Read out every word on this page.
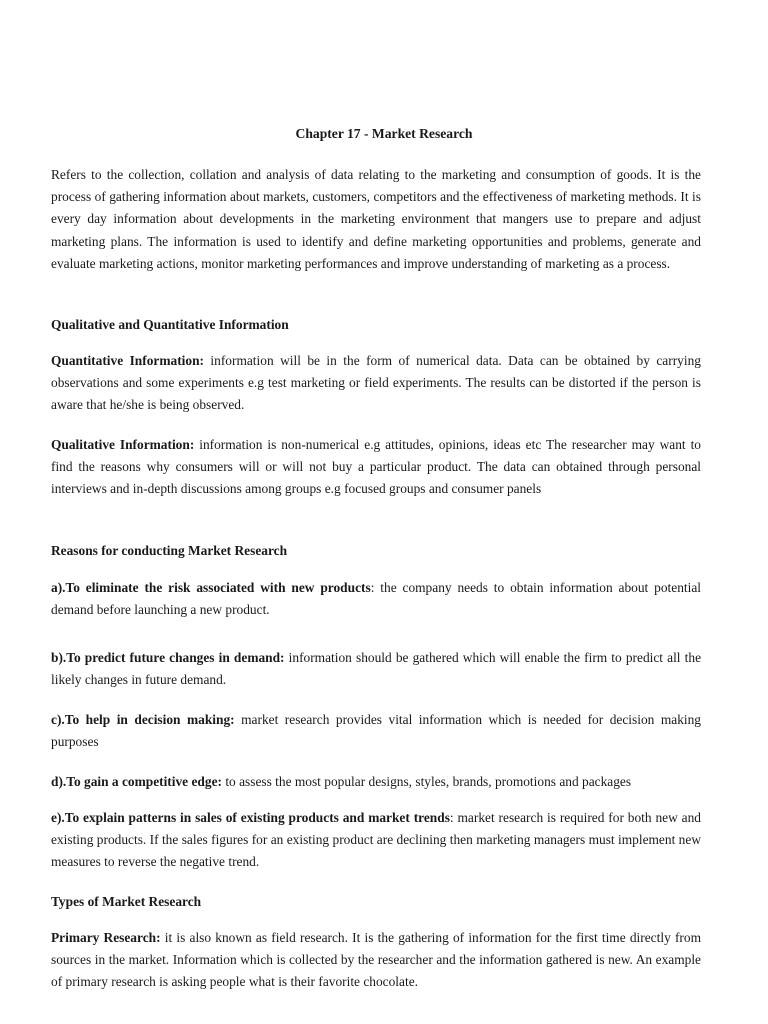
Chapter 17 - Market Research

Refers to the collection, collation and analysis of data relating to the marketing and consumption of goods. It is the process of gathering information about markets, customers, competitors and the effectiveness of marketing methods. It is every day information about developments in the marketing environment that mangers use to prepare and adjust marketing plans. The information is used to identify and define marketing opportunities and problems, generate and evaluate marketing actions, monitor marketing performances and improve understanding of marketing as a process.

Qualitative and Quantitative Information

Quantitative Information: information will be in the form of numerical data. Data can be obtained by carrying observations and some experiments e.g test marketing or field experiments. The results can be distorted if the person is aware that he/she is being observed.

Qualitative Information: information is non-numerical e.g attitudes, opinions, ideas etc The researcher may want to find the reasons why consumers will or will not buy a particular product. The data can obtained through personal interviews and in-depth discussions among groups e.g focused groups and consumer panels

Reasons for conducting Market Research

a).To eliminate the risk associated with new products: the company needs to obtain information about potential demand before launching a new product.

b).To predict future changes in demand: information should be gathered which will enable the firm to predict all the likely changes in future demand.

c).To help in decision making: market research provides vital information which is needed for decision making purposes

d).To gain a competitive edge: to assess the most popular designs, styles, brands, promotions and packages

e).To explain patterns in sales of existing products and market trends: market research is required for both new and existing products. If the sales figures for an existing product are declining then marketing managers must implement new measures to reverse the negative trend.

Types of Market Research

Primary Research: it is also known as field research. It is the gathering of information for the first time directly from sources in the market. Information which is collected by the researcher and the information gathered is new. An example of primary research is asking people what is their favorite chocolate.
